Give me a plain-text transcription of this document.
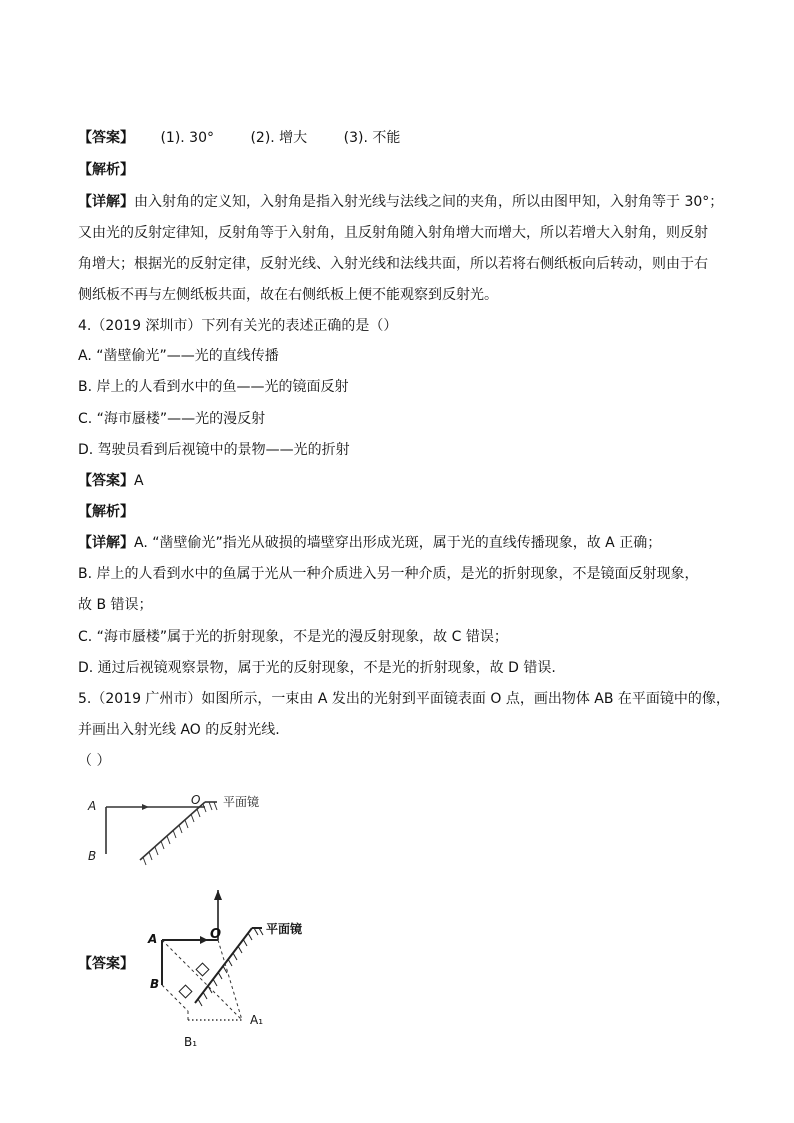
【答案】 (1). 30°	(2). 增大	(3). 不能
【解析】
【详解】由入射角的定义知，入射角是指入射光线与法线之间的夹角，所以由图甲知，入射角等于 30°；
又由光的反射定律知，反射角等于入射角，且反射角随入射角增大而增大，所以若增大入射角，则反射
角增大；根据光的反射定律，反射光线、入射光线和法线共面，所以若将右侧纸板向后转动，则由于右
侧纸板不再与左侧纸板共面，故在右侧纸板上便不能观察到反射光。
4.（2019 深圳市）下列有关光的表述正确的是（）
A. “凿壁偷光”——光的直线传播
B. 岸上的人看到水中的鱼——光的镜面反射
C. “海市蜃楼”——光的漫反射
D. 驾驶员看到后视镜中的景物——光的折射
【答案】A
【解析】
【详解】A. “凿壁偷光”指光从破损的墙壁穿出形成光斑，属于光的直线传播现象，故 A 正确；
B. 岸上的人看到水中的鱼属于光从一种介质进入另一种介质，是光的折射现象，不是镜面反射现象，
故 B 错误；
C. “海市蜃楼”属于光的折射现象，不是光的漫反射现象，故 C 错误；
D. 通过后视镜观察景物，属于光的反射现象，不是光的折射现象，故 D 错误.
5.（2019 广州市）如图所示，一束由 A 发出的光射到平面镜表面 O 点，画出物体 AB 在平面镜中的像，
并画出入射光线 AO 的反射光线.
（ ）
A
B
O 平面镜
【答案】
A
B
O	平面镜
A₁
B₁
